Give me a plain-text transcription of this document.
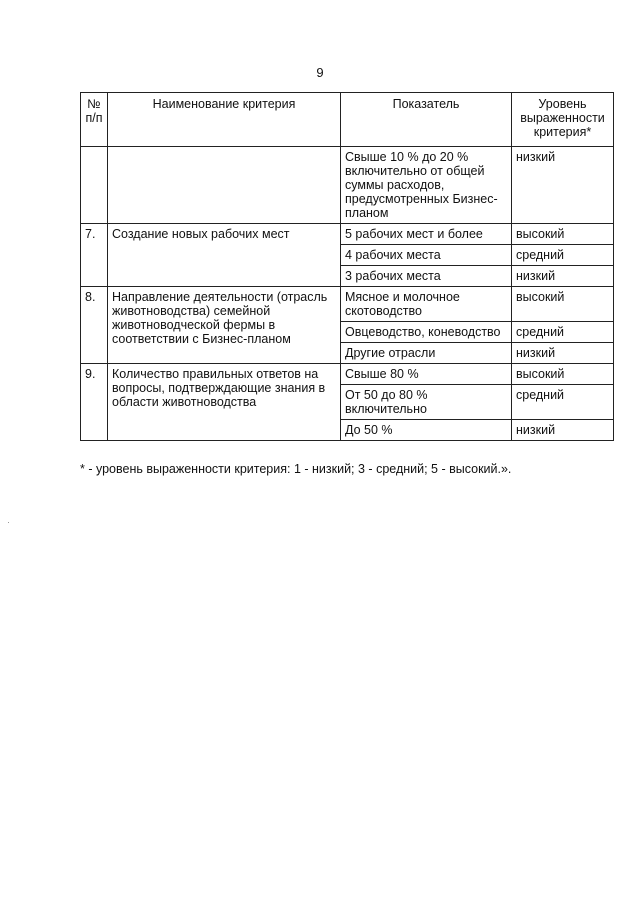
9
№ п/п	Наименование критерия	Показатель	Уровень выраженности критерия*
		Свыше 10 % до 20 % включительно от общей суммы расходов, предусмотренных Бизнес-планом	низкий
7.	Создание новых рабочих мест	5 рабочих мест и более	высокий
		4 рабочих места	средний
		3 рабочих места	низкий
8.	Направление деятельности (отрасль животноводства) семейной животноводческой фермы в соответствии с Бизнес-планом	Мясное и молочное скотоводство	высокий
		Овцеводство, коневодство	средний
		Другие отрасли	низкий
9.	Количество правильных ответов на вопросы, подтверждающие знания в области животноводства	Свыше 80 %	высокий
		От 50 до 80 % включительно	средний
		До 50 %	низкий
* - уровень выраженности критерия: 1 - низкий; 3 - средний; 5 - высокий.».
